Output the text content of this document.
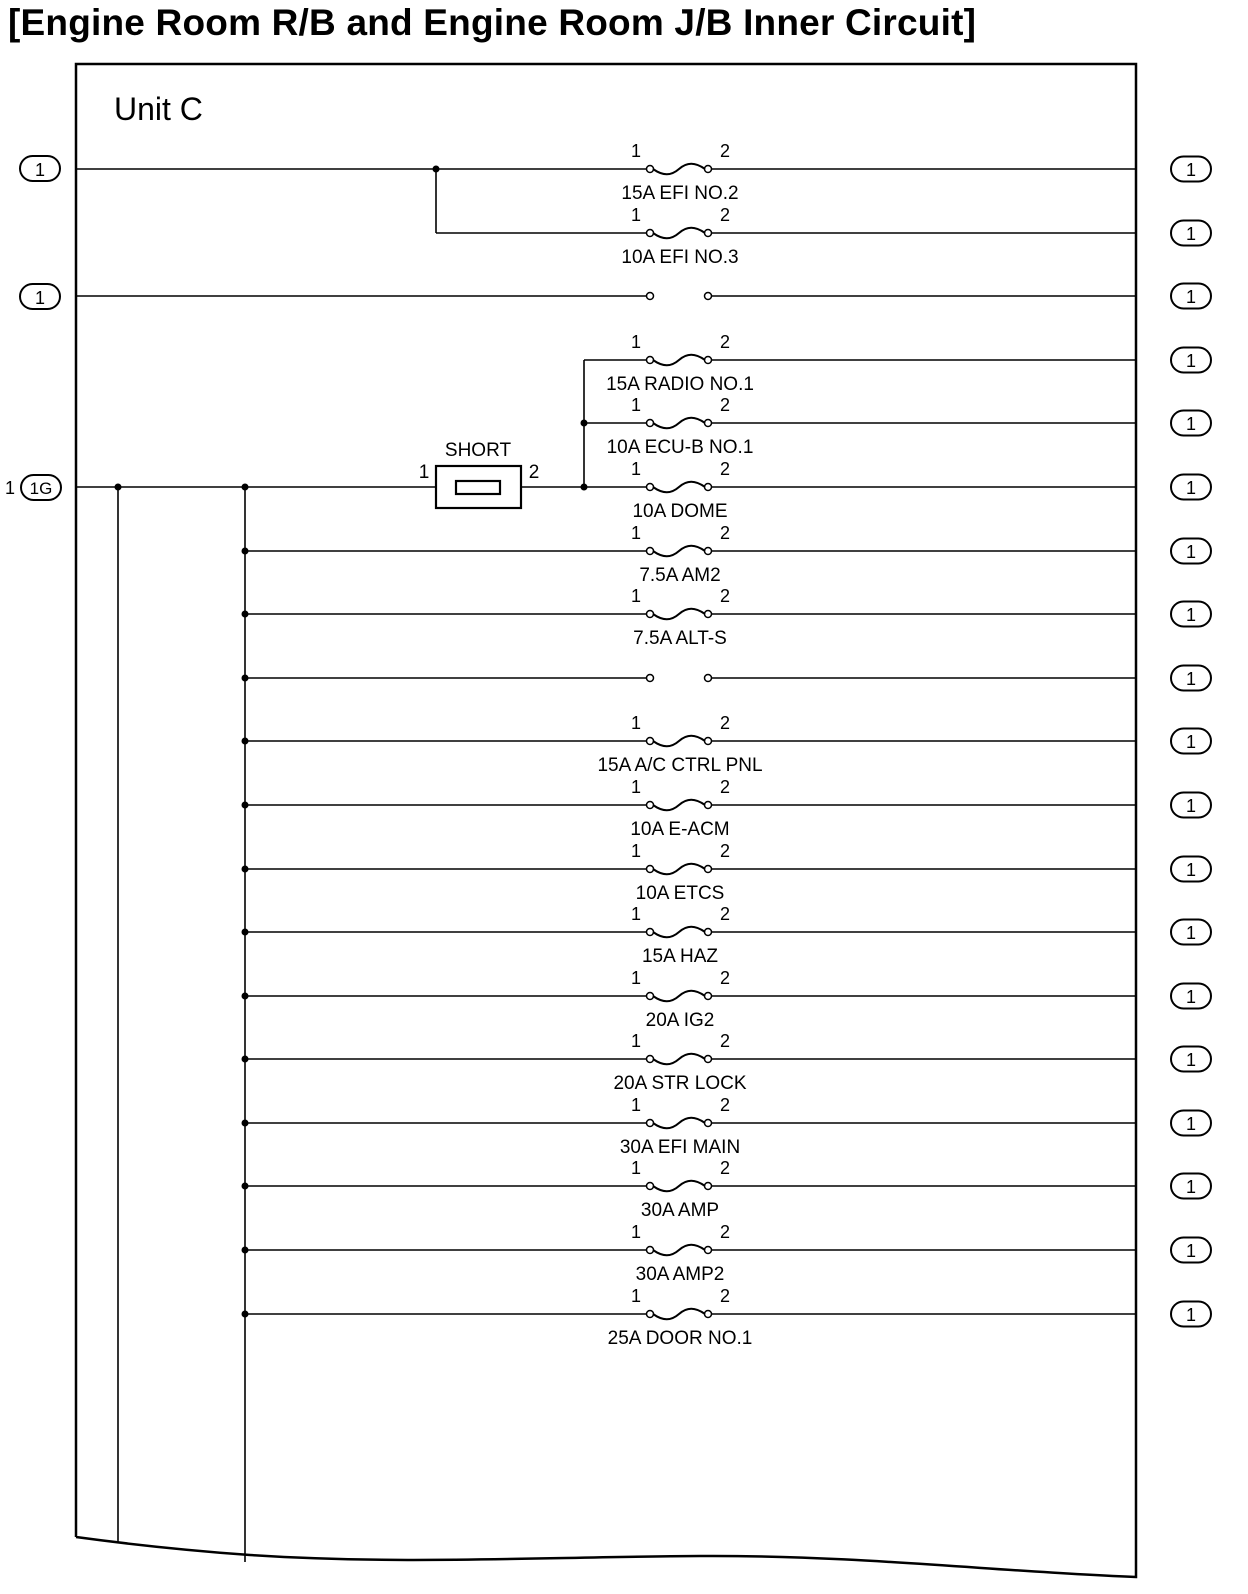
[Engine Room R/B and Engine Room J/B Inner Circuit]
Unit C
SHORT
1	2
1
1
1 1G
1	2
15A EFI NO.2
1
1	2
10A EFI NO.3
1
1
1	2
15A RADIO NO.1
1
1	2
10A ECU-B NO.1
1
1	2
10A DOME
1
1	2
7.5A AM2
1
1	2
7.5A ALT-S
1
1
1	2
15A A/C CTRL PNL
1
1	2
10A E-ACM
1
1	2
10A ETCS
1
1	2
15A HAZ
1
1	2
20A IG2
1
1	2
20A STR LOCK
1
1	2
30A EFI MAIN
1
1	2
30A AMP
1
1	2
30A AMP2
1
1	2
25A DOOR NO.1
1
